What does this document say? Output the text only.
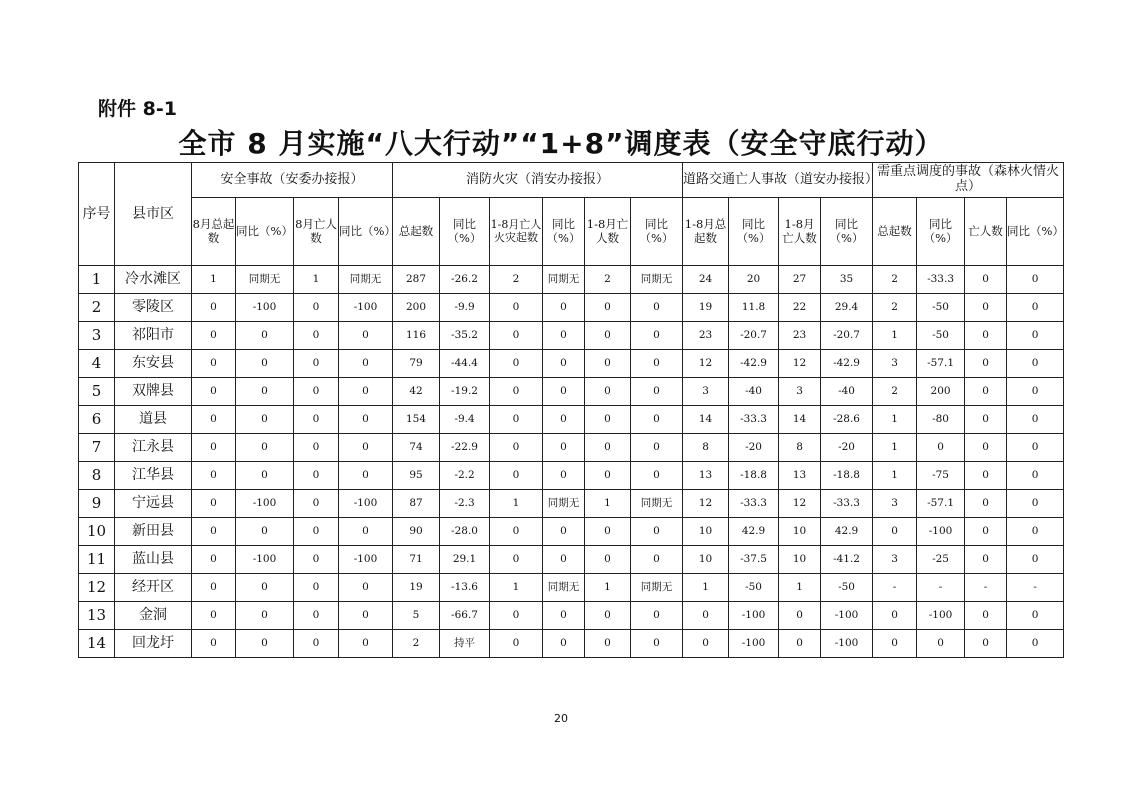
附件 8-1
全市 8 月实施“八大行动”“1+8”调度表（安全守底行动）
序号	县市区	安全事故（安委办接报）				消防火灾（消安办接报）						道路交通亡人事故（道安办接报）				需重点调度的事故（森林火情火点）			
		8月总起数	同比（%）	8月亡人数	同比（%）	总起数	同比（%）	1-8月亡人火灾起数	同比（%）	1-8月亡人数	同比（%）	1-8月总起数	同比（%）	1-8月亡人数	同比（%）	总起数	同比（%）	亡人数	同比（%）
1	冷水滩区	1	同期无	1	同期无	287	-26.2	2	同期无	2	同期无	24	20	27	35	2	-33.3	0	0
2	零陵区	0	-100	0	-100	200	-9.9	0	0	0	0	19	11.8	22	29.4	2	-50	0	0
3	祁阳市	0	0	0	0	116	-35.2	0	0	0	0	23	-20.7	23	-20.7	1	-50	0	0
4	东安县	0	0	0	0	79	-44.4	0	0	0	0	12	-42.9	12	-42.9	3	-57.1	0	0
5	双牌县	0	0	0	0	42	-19.2	0	0	0	0	3	-40	3	-40	2	200	0	0
6	道县	0	0	0	0	154	-9.4	0	0	0	0	14	-33.3	14	-28.6	1	-80	0	0
7	江永县	0	0	0	0	74	-22.9	0	0	0	0	8	-20	8	-20	1	0	0	0
8	江华县	0	0	0	0	95	-2.2	0	0	0	0	13	-18.8	13	-18.8	1	-75	0	0
9	宁远县	0	-100	0	-100	87	-2.3	1	同期无	1	同期无	12	-33.3	12	-33.3	3	-57.1	0	0
10	新田县	0	0	0	0	90	-28.0	0	0	0	0	10	42.9	10	42.9	0	-100	0	0
11	蓝山县	0	-100	0	-100	71	29.1	0	0	0	0	10	-37.5	10	-41.2	3	-25	0	0
12	经开区	0	0	0	0	19	-13.6	1	同期无	1	同期无	1	-50	1	-50	-	-	-	-
13	金洞	0	0	0	0	5	-66.7	0	0	0	0	0	-100	0	-100	0	-100	0	0
14	回龙圩	0	0	0	0	2	持平	0	0	0	0	0	-100	0	-100	0	0	0	0
20
